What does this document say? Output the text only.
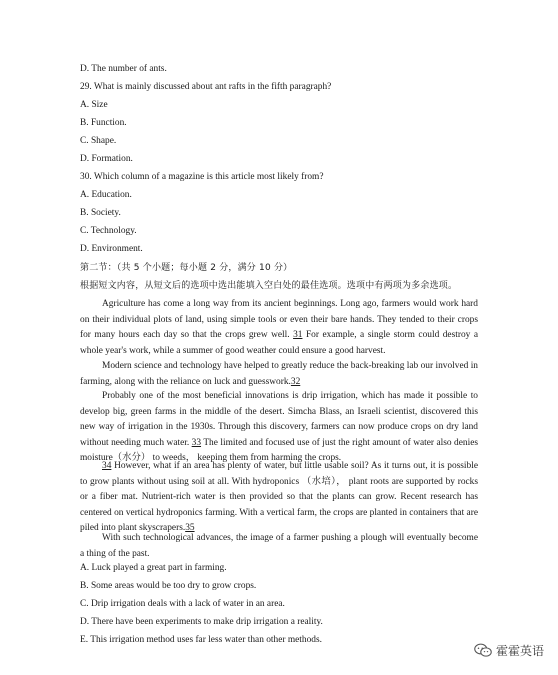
D. The number of ants.
29. What is mainly discussed about ant rafts in the fifth paragraph?
A. Size
B. Function.
C. Shape.
D. Formation.
30. Which column of a magazine is this article most likely from?
A. Education.
B. Society.
C. Technology.
D. Environment.
第二节：（共 5 个小题；每小题 2 分，满分 10 分）
根据短文内容，从短文后的选项中选出能填入空白处的最佳选项。选项中有两项为多余选项。
Agriculture has come a long way from its ancient beginnings. Long ago, farmers would work hard on their individual plots of land, using simple tools or even their bare hands. They tended to their crops for many hours each day so that the crops grew well. 31 For example, a single storm could destroy a whole year's work, while a summer of good weather could ensure a good harvest.
Modern science and technology have helped to greatly reduce the back-breaking lab our involved in farming, along with the reliance on luck and guesswork.32
Probably one of the most beneficial innovations is drip irrigation, which has made it possible to develop big, green farms in the middle of the desert. Simcha Blass, an Israeli scientist, discovered this new way of irrigation in the 1930s. Through this discovery, farmers can now produce crops on dry land without needing much water. 33 The limited and focused use of just the right amount of water also denies moisture（水分） to weeds， keeping them from harming the crops.
34 However, what if an area has plenty of water, but little usable soil? As it turns out, it is possible to grow plants without using soil at all. With hydroponics （水培）， plant roots are supported by rocks or a fiber mat. Nutrient-rich water is then provided so that the plants can grow. Recent research has centered on vertical hydroponics farming. With a vertical farm, the crops are planted in containers that are piled into plant skyscrapers.35
With such technological advances, the image of a farmer pushing a plough will eventually become a thing of the past.
A. Luck played a great part in farming.
B. Some areas would be too dry to grow crops.
C. Drip irrigation deals with a lack of water in an area.
D. There have been experiments to make drip irrigation a reality.
E. This irrigation method uses far less water than other methods.
霍霍英语
